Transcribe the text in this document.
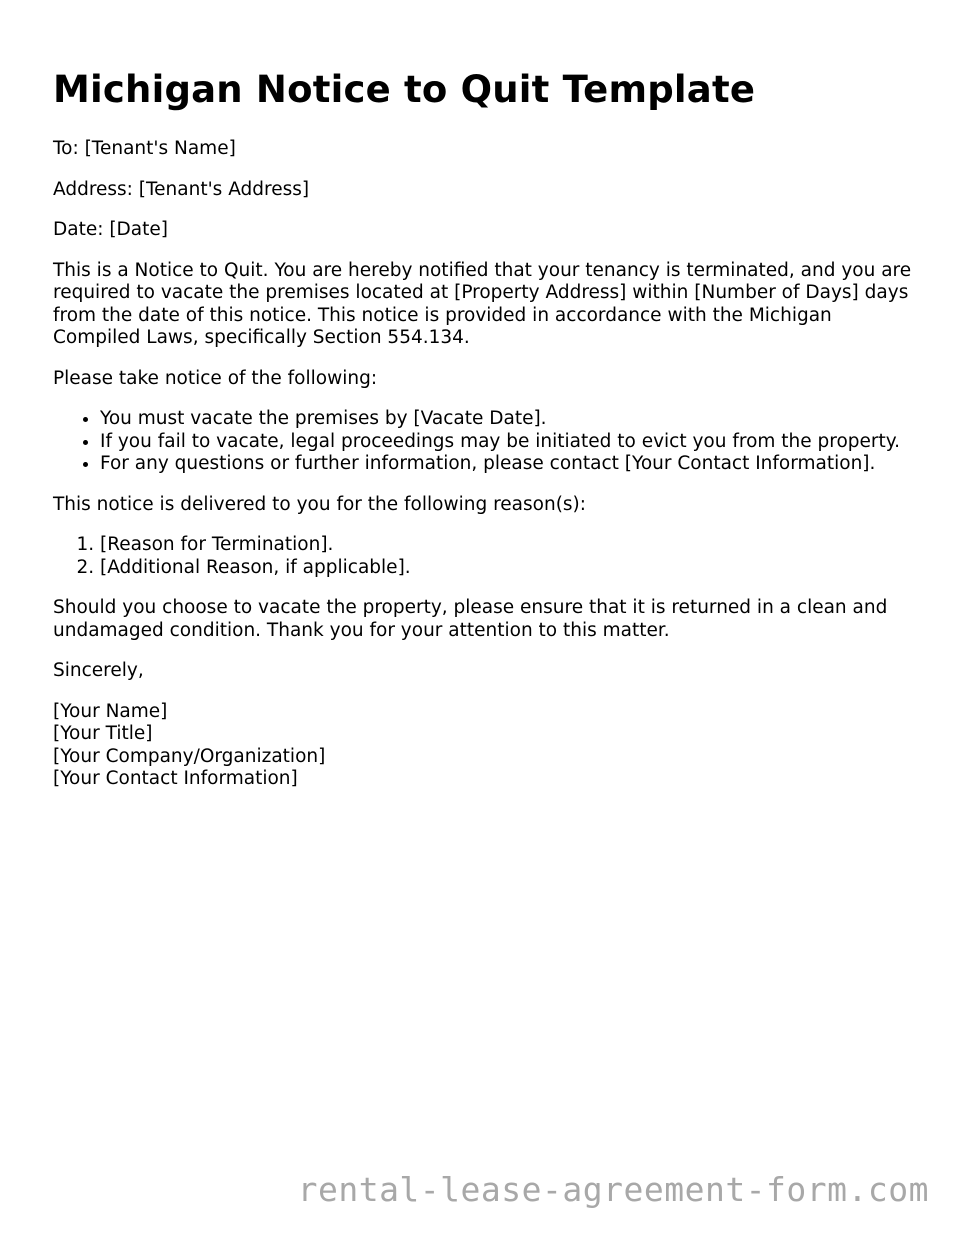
Michigan Notice to Quit Template

To: [Tenant's Name]

Address: [Tenant's Address]

Date: [Date]

This is a Notice to Quit. You are hereby notified that your tenancy is terminated, and you are required to vacate the premises located at [Property Address] within [Number of Days] days from the date of this notice. This notice is provided in accordance with the Michigan Compiled Laws, specifically Section 554.134.

Please take notice of the following:

• You must vacate the premises by [Vacate Date].
• If you fail to vacate, legal proceedings may be initiated to evict you from the property.
• For any questions or further information, please contact [Your Contact Information].

This notice is delivered to you for the following reason(s):

1. [Reason for Termination].
2. [Additional Reason, if applicable].

Should you choose to vacate the property, please ensure that it is returned in a clean and undamaged condition. Thank you for your attention to this matter.

Sincerely,

[Your Name]
[Your Title]
[Your Company/Organization]
[Your Contact Information]
rental-lease-agreement-form.com
